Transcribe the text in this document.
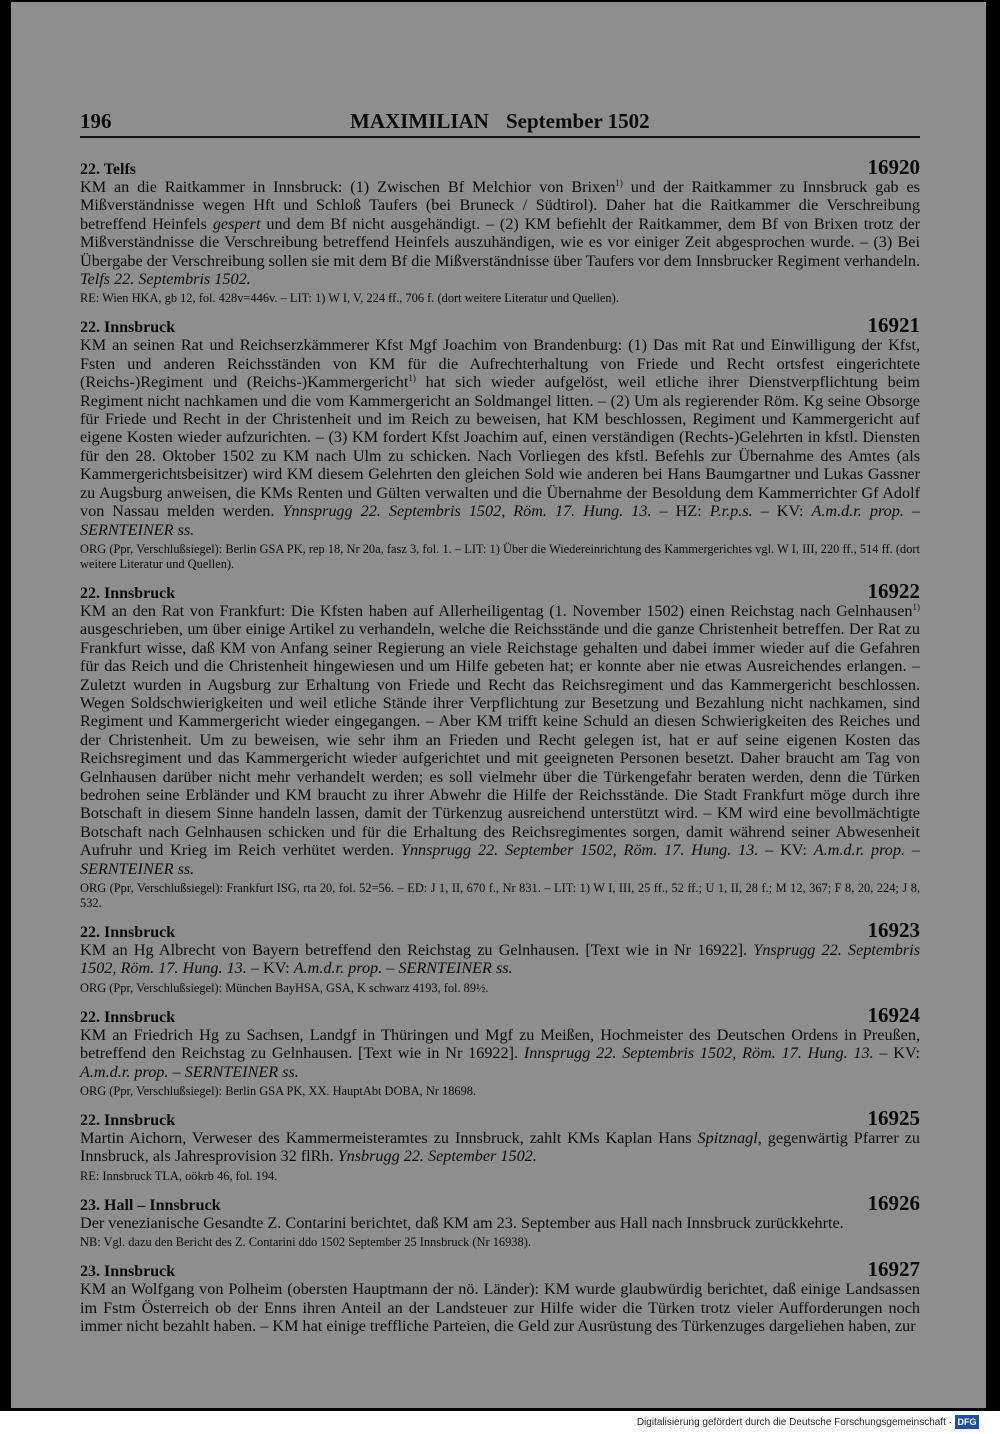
196	MAXIMILIAN September 1502
22. Telfs	16920

KM an die Raitkammer in Innsbruck: (1) Zwischen Bf Melchior von Brixen$^{1)}$ und der Raitkammer zu Innsbruck gab es Mißverständnisse wegen Hft und Schloß Taufers (bei Bruneck / Südtirol). Daher hat die Raitkammer die Verschreibung betreffend Heinfels gespert und dem Bf nicht ausgehändigt. – (2) KM befiehlt der Raitkammer, dem Bf von Brixen trotz der Mißverständnisse die Verschreibung betreffend Heinfels auszuhändigen, wie es vor einiger Zeit abgesprochen wurde. – (3) Bei Übergabe der Verschreibung sollen sie mit dem Bf die Mißverständnisse über Taufers vor dem Innsbrucker Regiment verhandeln. Telfs 22. Septembris 1502.

RE: Wien HKA, gb 12, fol. 428v=446v. – LIT: 1) W I, V, 224 ff., 706 f. (dort weitere Literatur und Quellen).

22. Innsbruck	16921

KM an seinen Rat und Reichserzkämmerer Kfst Mgf Joachim von Brandenburg: (1) Das mit Rat und Einwilligung der Kfst, Fsten und anderen Reichsständen von KM für die Aufrechterhaltung von Friede und Recht ortsfest eingerichtete (Reichs-)Regiment und (Reichs-)Kammergericht$^{1)}$ hat sich wieder aufgelöst, weil etliche ihrer Dienstverpflichtung beim Regiment nicht nachkamen und die vom Kammergericht an Soldmangel litten. – (2) Um als regierender Röm. Kg seine Obsorge für Friede und Recht in der Christenheit und im Reich zu beweisen, hat KM beschlossen, Regiment und Kammergericht auf eigene Kosten wieder aufzurichten. – (3) KM fordert Kfst Joachim auf, einen verständigen (Rechts-)Gelehrten in kfstl. Diensten für den 28. Oktober 1502 zu KM nach Ulm zu schicken. Nach Vorliegen des kfstl. Befehls zur Übernahme des Amtes (als Kammergerichtsbeisitzer) wird KM diesem Gelehrten den gleichen Sold wie anderen bei Hans Baumgartner und Lukas Gassner zu Augsburg anweisen, die KMs Renten und Gülten verwalten und die Übernahme der Besoldung dem Kammerrichter Gf Adolf von Nassau melden werden. Ynnsprugg 22. Septembris 1502, Röm. 17. Hung. 13. – HZ: P.r.p.s. – KV: A.m.d.r. prop. – SERNTEINER ss.

ORG (Ppr, Verschlußsiegel): Berlin GSA PK, rep 18, Nr 20a, fasz 3, fol. 1. – LIT: 1) Über die Wiedereinrichtung des Kammergerichtes vgl. W I, III, 220 ff., 514 ff. (dort weitere Literatur und Quellen).

22. Innsbruck	16922

KM an den Rat von Frankfurt: Die Kfsten haben auf Allerheiligentag (1. November 1502) einen Reichstag nach Gelnhausen$^{1)}$ ausgeschrieben, um über einige Artikel zu verhandeln, welche die Reichsstände und die ganze Christenheit betreffen. Der Rat zu Frankfurt wisse, daß KM von Anfang seiner Regierung an viele Reichstage gehalten und dabei immer wieder auf die Gefahren für das Reich und die Christenheit hingewiesen und um Hilfe gebeten hat; er konnte aber nie etwas Ausreichendes erlangen. – Zuletzt wurden in Augsburg zur Erhaltung von Friede und Recht das Reichsregiment und das Kammergericht beschlossen. Wegen Soldschwierigkeiten und weil etliche Stände ihrer Verpflichtung zur Besetzung und Bezahlung nicht nachkamen, sind Regiment und Kammergericht wieder eingegangen. – Aber KM trifft keine Schuld an diesen Schwierigkeiten des Reiches und der Christenheit. Um zu beweisen, wie sehr ihm an Frieden und Recht gelegen ist, hat er auf seine eigenen Kosten das Reichsregiment und das Kammergericht wieder aufgerichtet und mit geeigneten Personen besetzt. Daher braucht am Tag von Gelnhausen darüber nicht mehr verhandelt werden; es soll vielmehr über die Türkengefahr beraten werden, denn die Türken bedrohen seine Erbländer und KM braucht zu ihrer Abwehr die Hilfe der Reichsstände. Die Stadt Frankfurt möge durch ihre Botschaft in diesem Sinne handeln lassen, damit der Türkenzug ausreichend unterstützt wird. – KM wird eine bevollmächtigte Botschaft nach Gelnhausen schicken und für die Erhaltung des Reichsregimentes sorgen, damit während seiner Abwesenheit Aufruhr und Krieg im Reich verhütet werden. Ynnsprugg 22. September 1502, Röm. 17. Hung. 13. – KV: A.m.d.r. prop. – SERNTEINER ss.

ORG (Ppr, Verschlußsiegel): Frankfurt ISG, rta 20, fol. 52=56. – ED: J 1, II, 670 f., Nr 831. – LIT: 1) W I, III, 25 ff., 52 ff.; U 1, II, 28 f.; M 12, 367; F 8, 20, 224; J 8, 532.

22. Innsbruck	16923

KM an Hg Albrecht von Bayern betreffend den Reichstag zu Gelnhausen. [Text wie in Nr 16922]. Ynsprugg 22. Septembris 1502, Röm. 17. Hung. 13. – KV: A.m.d.r. prop. – SERNTEINER ss.

ORG (Ppr, Verschlußsiegel): München BayHSA, GSA, K schwarz 4193, fol. 89½.

22. Innsbruck	16924

KM an Friedrich Hg zu Sachsen, Landgf in Thüringen und Mgf zu Meißen, Hochmeister des Deutschen Ordens in Preußen, betreffend den Reichstag zu Gelnhausen. [Text wie in Nr 16922]. Innsprugg 22. Septembris 1502, Röm. 17. Hung. 13. – KV: A.m.d.r. prop. – SERNTEINER ss.

ORG (Ppr, Verschlußsiegel): Berlin GSA PK, XX. HauptAbt DOBA, Nr 18698.

22. Innsbruck	16925

Martin Aichorn, Verweser des Kammermeisteramtes zu Innsbruck, zahlt KMs Kaplan Hans Spitznagl, gegenwärtig Pfarrer zu Innsbruck, als Jahresprovision 32 flRh. Ynsbrugg 22. September 1502.

RE: Innsbruck TLA, oökrb 46, fol. 194.

23. Hall – Innsbruck	16926

Der venezianische Gesandte Z. Contarini berichtet, daß KM am 23. September aus Hall nach Innsbruck zurückkehrte.

NB: Vgl. dazu den Bericht des Z. Contarini ddo 1502 September 25 Innsbruck (Nr 16938).

23. Innsbruck	16927

KM an Wolfgang von Polheim (obersten Hauptmann der nö. Länder): KM wurde glaubwürdig berichtet, daß einige Landsassen im Fstm Österreich ob der Enns ihren Anteil an der Landsteuer zur Hilfe wider die Türken trotz vieler Aufforderungen noch immer nicht bezahlt haben. – KM hat einige treffliche Parteien, die Geld zur Ausrüstung des Türkenzuges dargeliehen haben, zur

Digitalisierung gefördert durch die Deutsche Forschungsgemeinschaft · DFG
